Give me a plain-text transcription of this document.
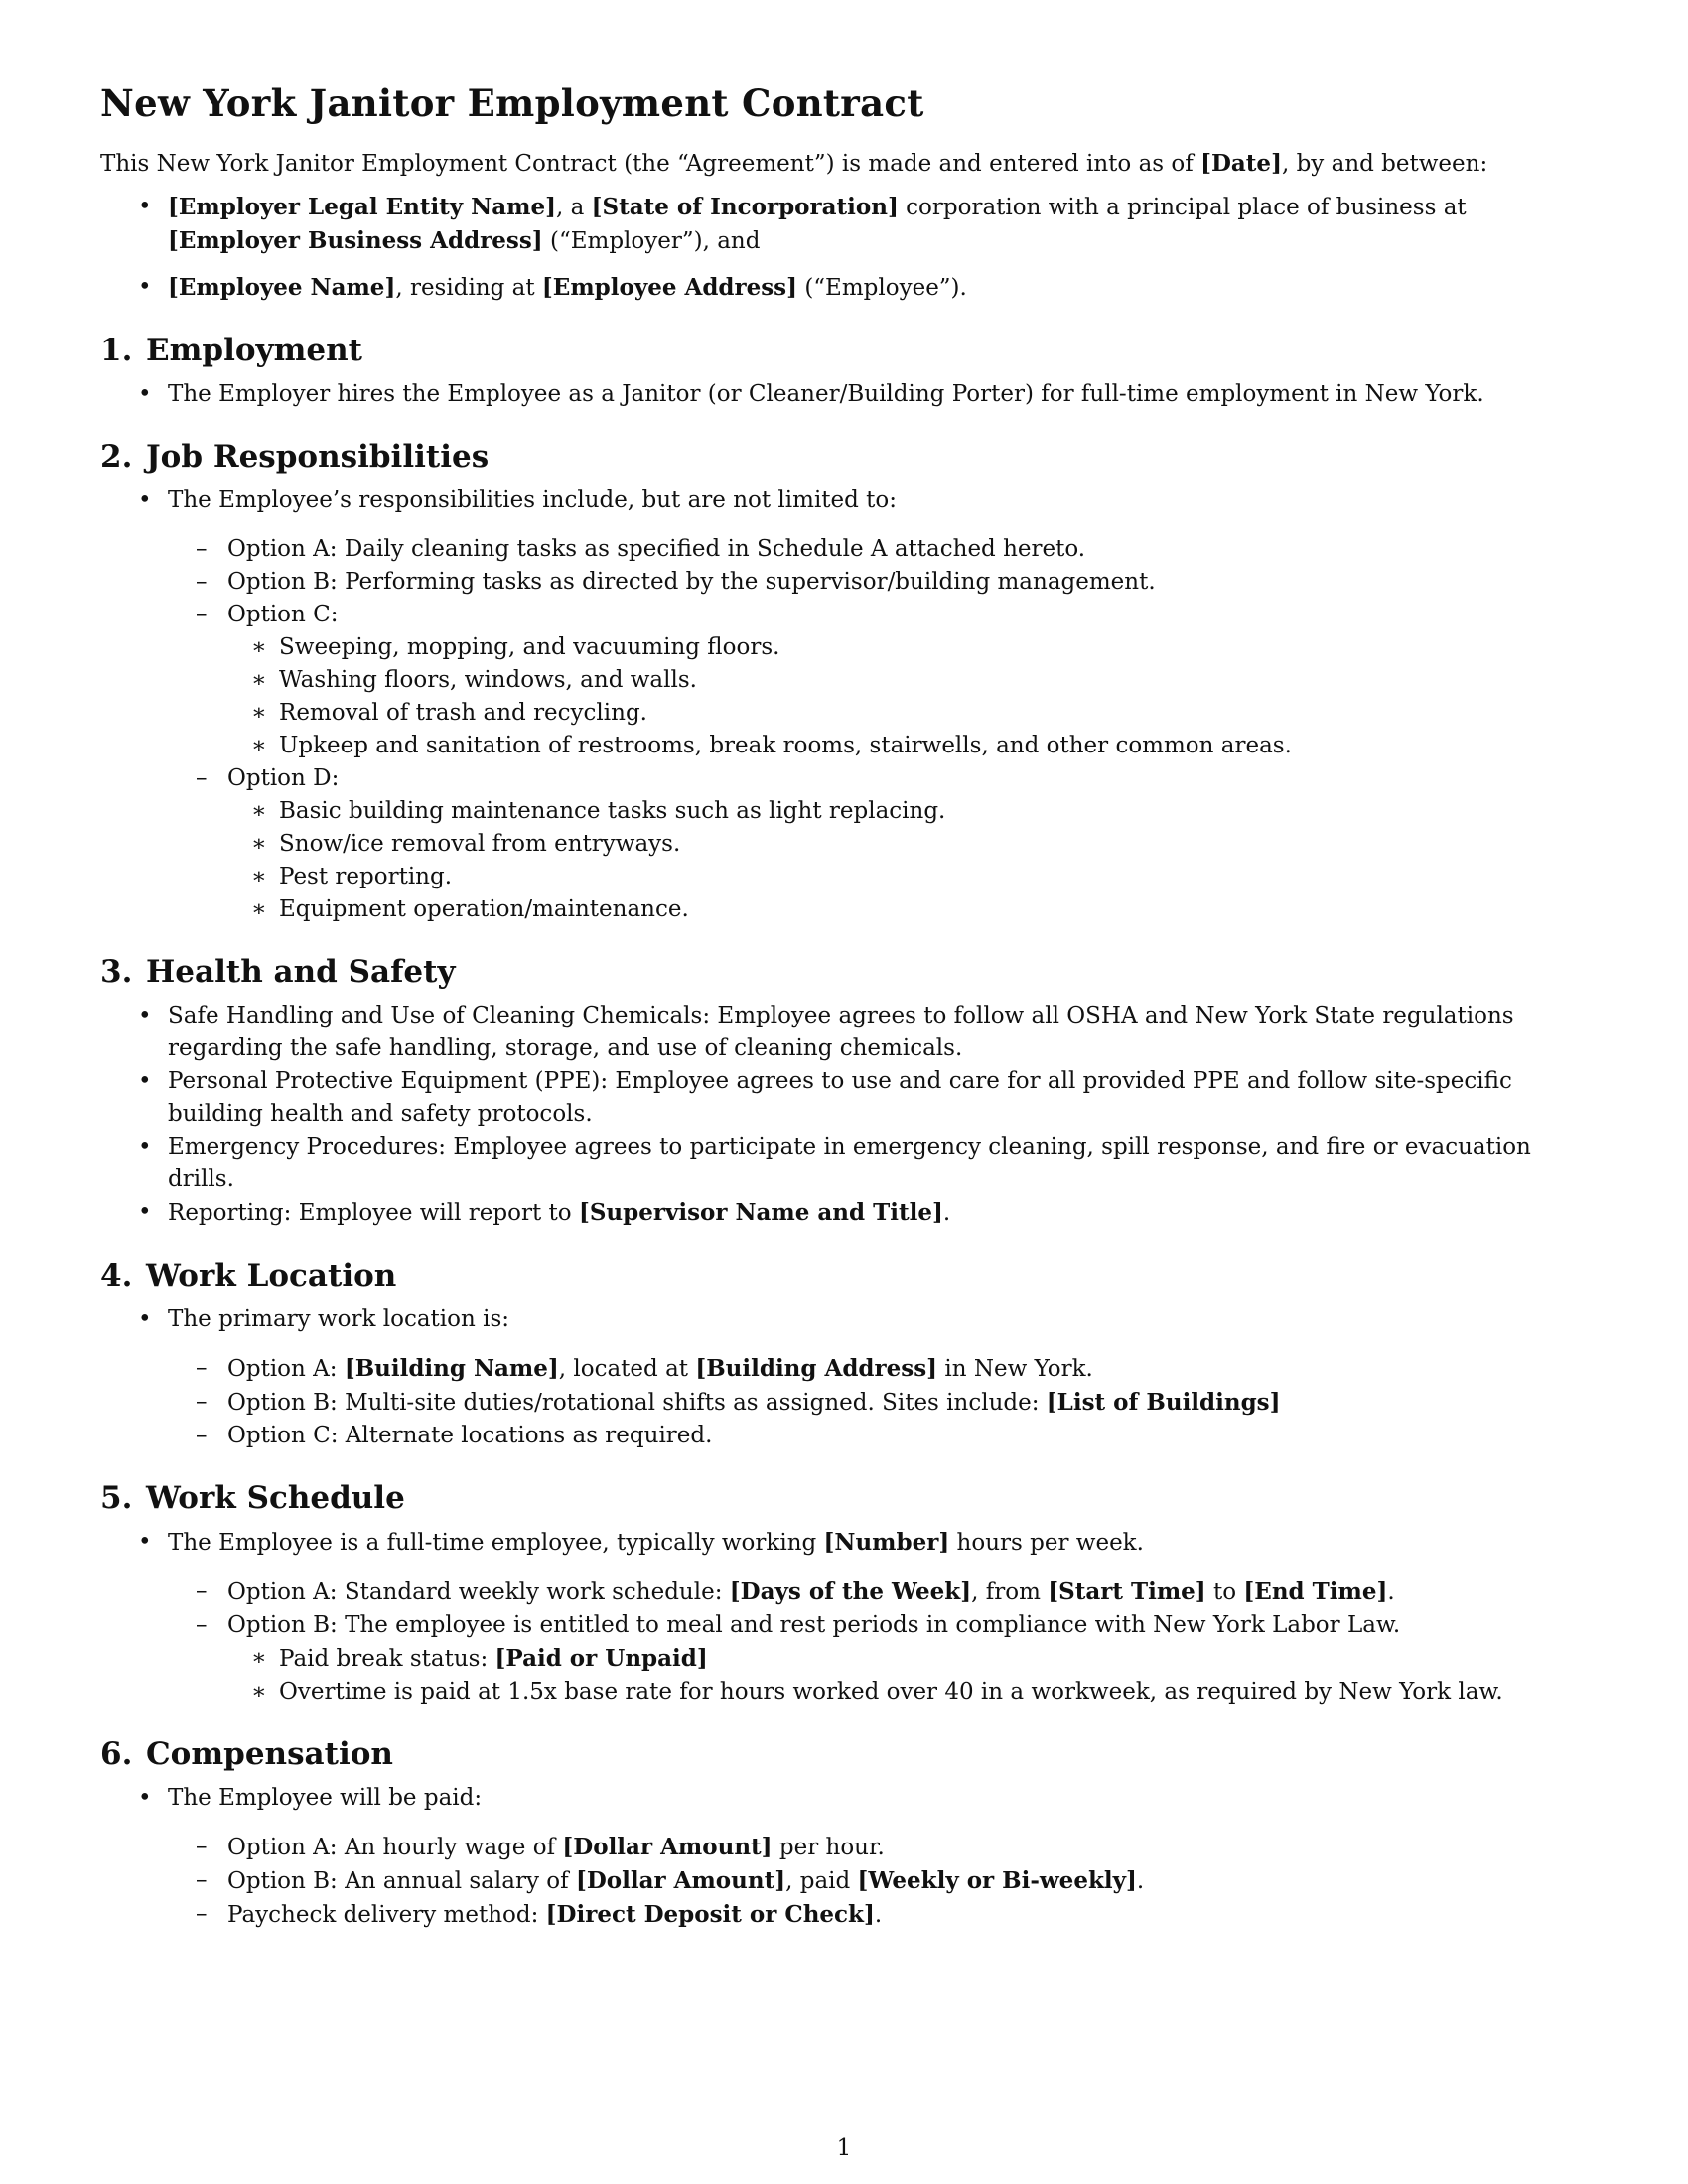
New York Janitor Employment Contract

This New York Janitor Employment Contract (the “Agreement”) is made and entered into as of [Date], by and between:

• [Employer Legal Entity Name], a [State of Incorporation] corporation with a principal place of business at [Employer Business Address] (“Employer”), and
• [Employee Name], residing at [Employee Address] (“Employee”).
1. Employment
• The Employer hires the Employee as a Janitor (or Cleaner/Building Porter) for full-time employment in New York.
2. Job Responsibilities
• The Employee’s responsibilities include, but are not limited to:
– Option A: Daily cleaning tasks as specified in Schedule A attached hereto.
– Option B: Performing tasks as directed by the supervisor/building management.
– Option C:
∗ Sweeping, mopping, and vacuuming floors.
∗ Washing floors, windows, and walls.
∗ Removal of trash and recycling.
∗ Upkeep and sanitation of restrooms, break rooms, stairwells, and other common areas.
– Option D:
∗ Basic building maintenance tasks such as light replacing.
∗ Snow/ice removal from entryways.
∗ Pest reporting.
∗ Equipment operation/maintenance.
3. Health and Safety
• Safe Handling and Use of Cleaning Chemicals: Employee agrees to follow all OSHA and New York State regulations regarding the safe handling, storage, and use of cleaning chemicals.
• Personal Protective Equipment (PPE): Employee agrees to use and care for all provided PPE and follow site-specific building health and safety protocols.
• Emergency Procedures: Employee agrees to participate in emergency cleaning, spill response, and fire or evacuation drills.
• Reporting: Employee will report to [Supervisor Name and Title].
4. Work Location
• The primary work location is:
– Option A: [Building Name], located at [Building Address] in New York.
– Option B: Multi-site duties/rotational shifts as assigned. Sites include: [List of Buildings]
– Option C: Alternate locations as required.
5. Work Schedule
• The Employee is a full-time employee, typically working [Number] hours per week.
– Option A: Standard weekly work schedule: [Days of the Week], from [Start Time] to [End Time].
– Option B: The employee is entitled to meal and rest periods in compliance with New York Labor Law.
∗ Paid break status: [Paid or Unpaid]
∗ Overtime is paid at 1.5x base rate for hours worked over 40 in a workweek, as required by New York law.
6. Compensation
• The Employee will be paid:
– Option A: An hourly wage of [Dollar Amount] per hour.
– Option B: An annual salary of [Dollar Amount], paid [Weekly or Bi-weekly].
– Paycheck delivery method: [Direct Deposit or Check].
1
